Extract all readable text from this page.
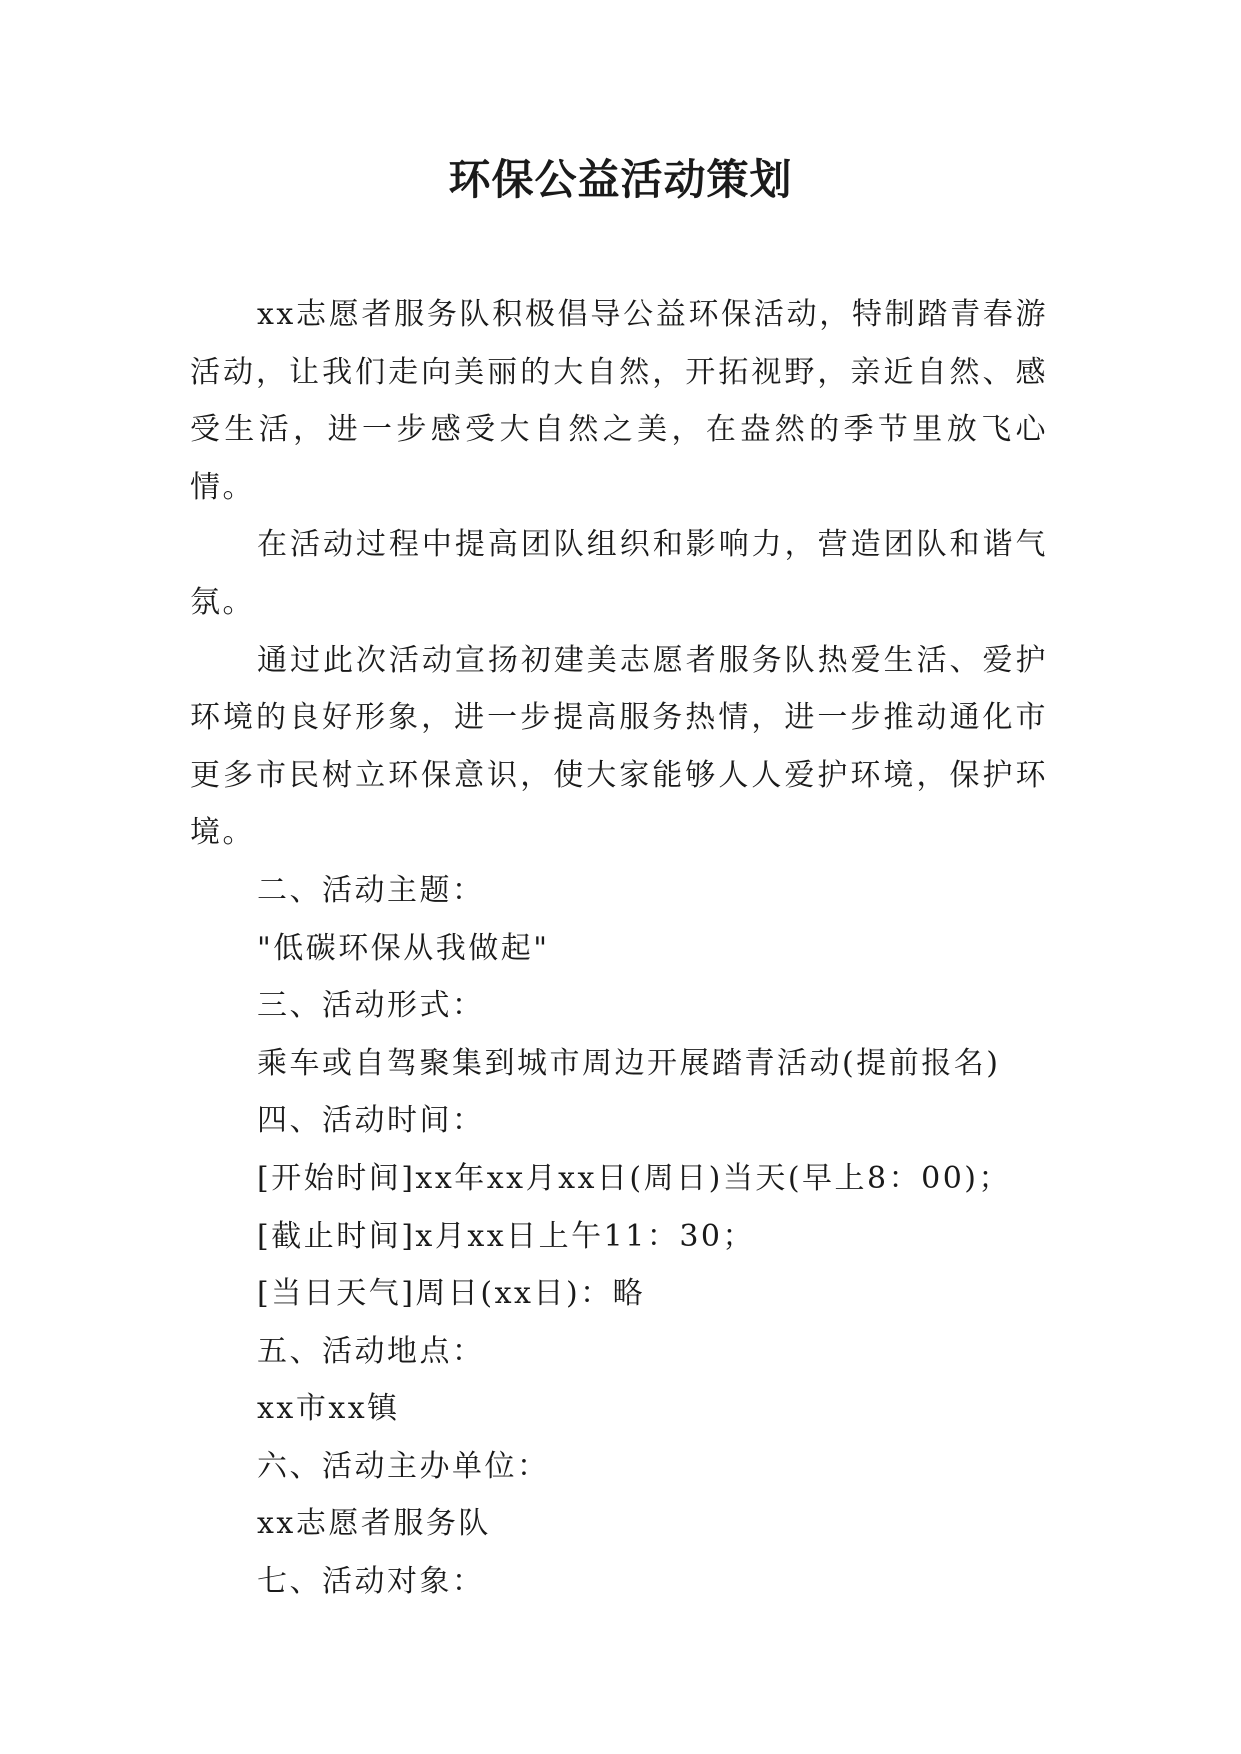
环保公益活动策划

xx志愿者服务队积极倡导公益环保活动，特制踏青春游活动，让我们走向美丽的大自然，开拓视野，亲近自然、感受生活，进一步感受大自然之美，在盎然的季节里放飞心情。

在活动过程中提高团队组织和影响力，营造团队和谐气氛。

通过此次活动宣扬初建美志愿者服务队热爱生活、爱护环境的良好形象，进一步提高服务热情，进一步推动通化市更多市民树立环保意识，使大家能够人人爱护环境，保护环境。

二、活动主题：

"低碳环保从我做起"

三、活动形式：

乘车或自驾聚集到城市周边开展踏青活动(提前报名)

四、活动时间：

[开始时间]xx年xx月xx日(周日)当天(早上8：00)；

[截止时间]x月xx日上午11：30；

[当日天气]周日(xx日)：略

五、活动地点：

xx市xx镇

六、活动主办单位：

xx志愿者服务队

七、活动对象：
